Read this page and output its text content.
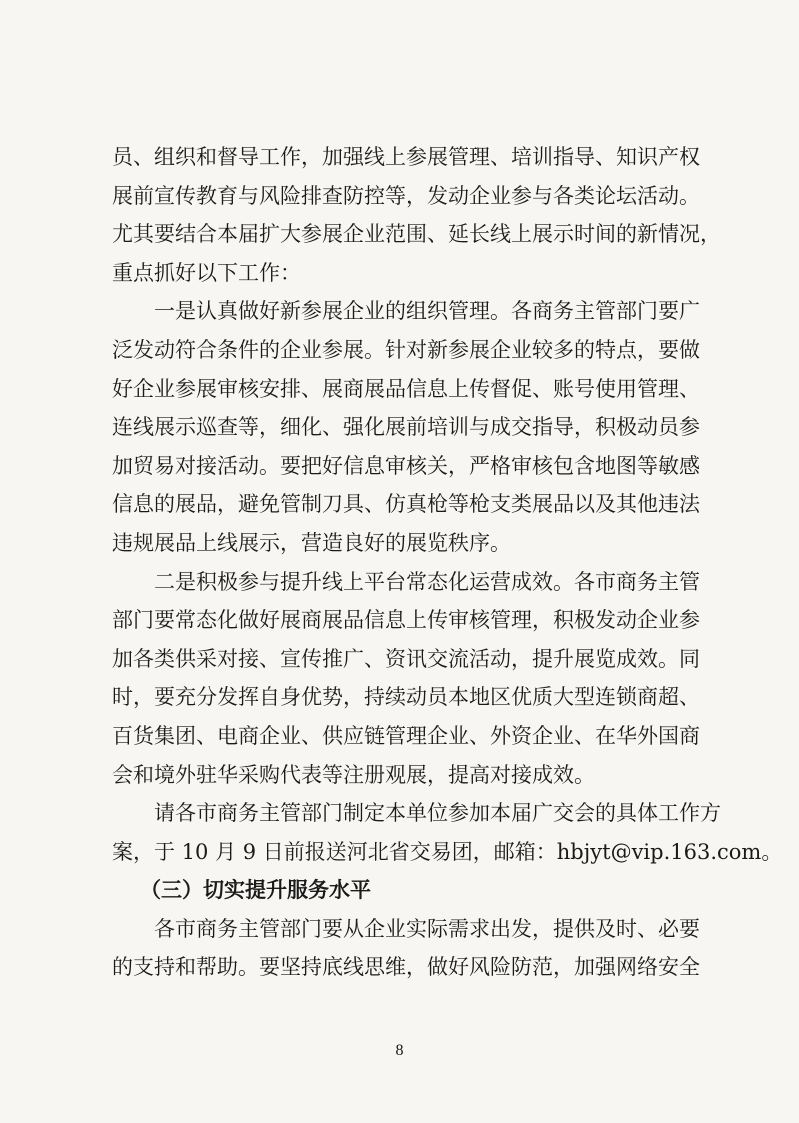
员、组织和督导工作，加强线上参展管理、培训指导、知识产权
展前宣传教育与风险排查防控等，发动企业参与各类论坛活动。
尤其要结合本届扩大参展企业范围、延长线上展示时间的新情况，
重点抓好以下工作：
一是认真做好新参展企业的组织管理。各商务主管部门要广
泛发动符合条件的企业参展。针对新参展企业较多的特点，要做
好企业参展审核安排、展商展品信息上传督促、账号使用管理、
连线展示巡查等，细化、强化展前培训与成交指导，积极动员参
加贸易对接活动。要把好信息审核关，严格审核包含地图等敏感
信息的展品，避免管制刀具、仿真枪等枪支类展品以及其他违法
违规展品上线展示，营造良好的展览秩序。
二是积极参与提升线上平台常态化运营成效。各市商务主管
部门要常态化做好展商展品信息上传审核管理，积极发动企业参
加各类供采对接、宣传推广、资讯交流活动，提升展览成效。同
时，要充分发挥自身优势，持续动员本地区优质大型连锁商超、
百货集团、电商企业、供应链管理企业、外资企业、在华外国商
会和境外驻华采购代表等注册观展，提高对接成效。
请各市商务主管部门制定本单位参加本届广交会的具体工作方
案，于 10 月 9 日前报送河北省交易团，邮箱：hbjyt@vip.163.com。
（三）切实提升服务水平
各市商务主管部门要从企业实际需求出发，提供及时、必要
的支持和帮助。要坚持底线思维，做好风险防范，加强网络安全
8
